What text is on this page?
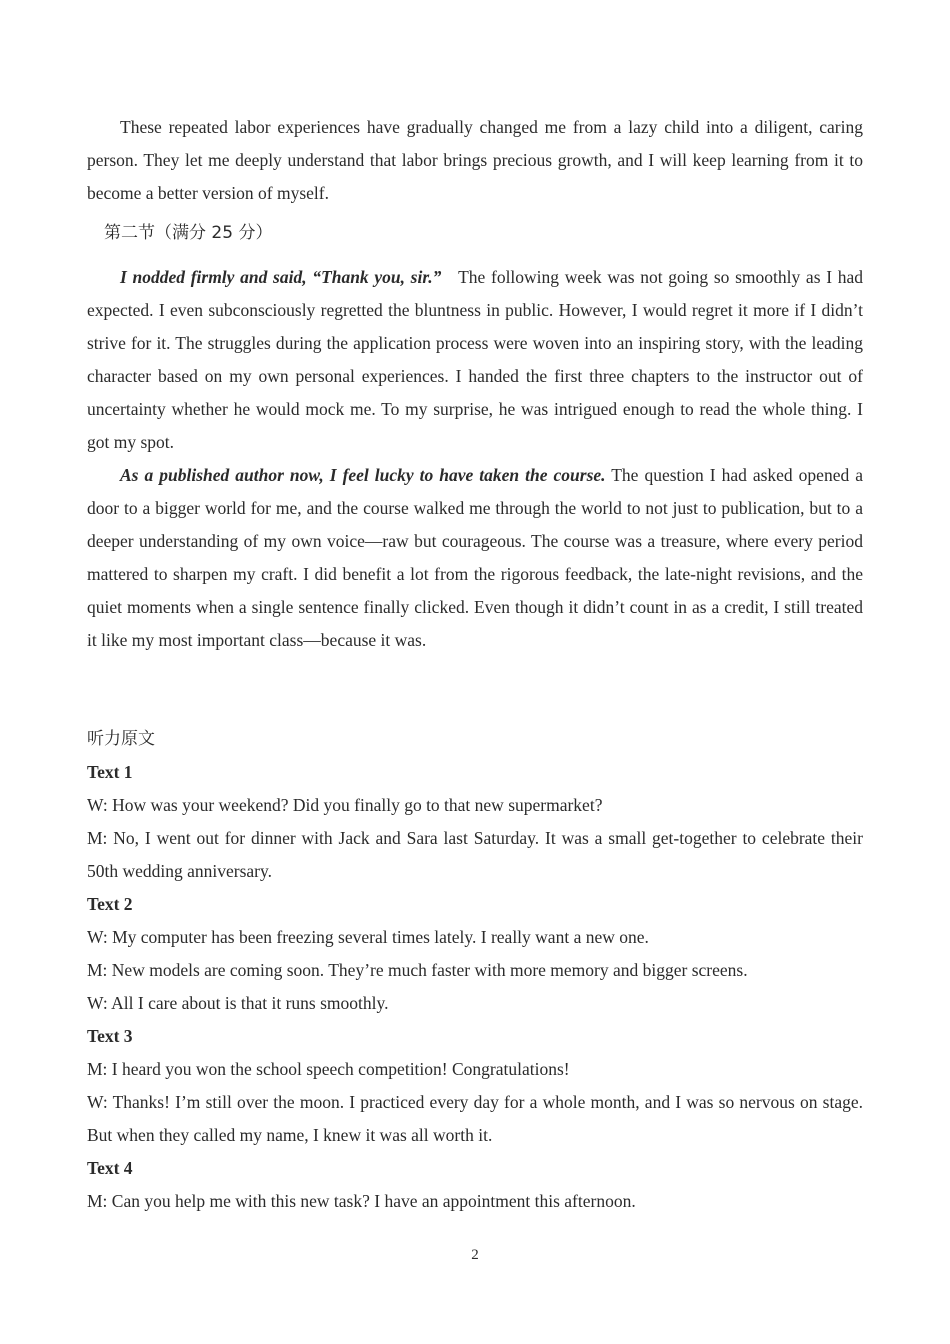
These repeated labor experiences have gradually changed me from a lazy child into a diligent, caring person. They let me deeply understand that labor brings precious growth, and I will keep learning from it to become a better version of myself.

第二节（满分 25 分）

I nodded firmly and said, “Thank you, sir.” The following week was not going so smoothly as I had expected. I even subconsciously regretted the bluntness in public. However, I would regret it more if I didn’t strive for it. The struggles during the application process were woven into an inspiring story, with the leading character based on my own personal experiences. I handed the first three chapters to the instructor out of uncertainty whether he would mock me. To my surprise, he was intrigued enough to read the whole thing. I got my spot.

As a published author now, I feel lucky to have taken the course. The question I had asked opened a door to a bigger world for me, and the course walked me through the world to not just to publication, but to a deeper understanding of my own voice—raw but courageous. The course was a treasure, where every period mattered to sharpen my craft. I did benefit a lot from the rigorous feedback, the late-night revisions, and the quiet moments when a single sentence finally clicked. Even though it didn’t count in as a credit, I still treated it like my most important class—because it was.

听力原文

Text 1

W: How was your weekend? Did you finally go to that new supermarket?

M: No, I went out for dinner with Jack and Sara last Saturday. It was a small get-together to celebrate their 50th wedding anniversary.

Text 2

W: My computer has been freezing several times lately. I really want a new one.

M: New models are coming soon. They’re much faster with more memory and bigger screens.

W: All I care about is that it runs smoothly.

Text 3

M: I heard you won the school speech competition! Congratulations!

W: Thanks! I’m still over the moon. I practiced every day for a whole month, and I was so nervous on stage. But when they called my name, I knew it was all worth it.

Text 4

M: Can you help me with this new task? I have an appointment this afternoon.

2
